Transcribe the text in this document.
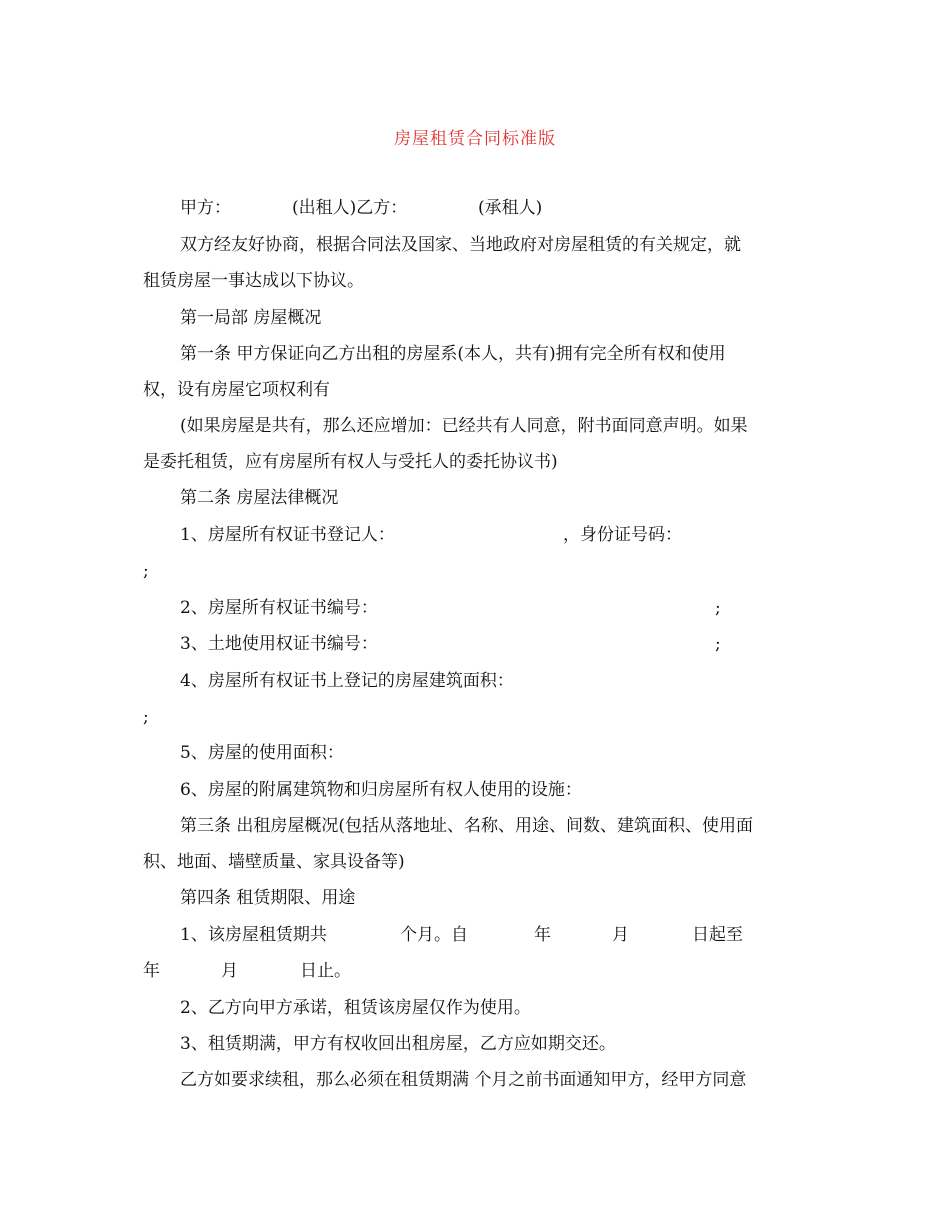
房屋租赁合同标准版
甲方：	(出租人)乙方：	(承租人)
双方经友好协商，根据合同法及国家、当地政府对房屋租赁的有关规定，就
租赁房屋一事达成以下协议。
第一局部 房屋概况
第一条 甲方保证向乙方出租的房屋系(本人，共有)拥有完全所有权和使用
权，设有房屋它项权利有
(如果房屋是共有，那么还应增加：已经共有人同意，附书面同意声明。如果
是委托租赁，应有房屋所有权人与受托人的委托协议书)
第二条 房屋法律概况
1、房屋所有权证书登记人：	，身份证号码：
;
2、房屋所有权证书编号：	;
3、土地使用权证书编号：	;
4、房屋所有权证书上登记的房屋建筑面积：
;
5、房屋的使用面积：
6、房屋的附属建筑物和归房屋所有权人使用的设施：
第三条 出租房屋概况(包括从落地址、名称、用途、间数、建筑面积、使用面
积、地面、墙壁质量、家具设备等)
第四条 租赁期限、用途
1、该房屋租赁期共	个月。自	年	月	日起至
年	月	日止。
2、乙方向甲方承诺，租赁该房屋仅作为使用。
3、租赁期满，甲方有权收回出租房屋，乙方应如期交还。
乙方如要求续租，那么必须在租赁期满 个月之前书面通知甲方，经甲方同意
